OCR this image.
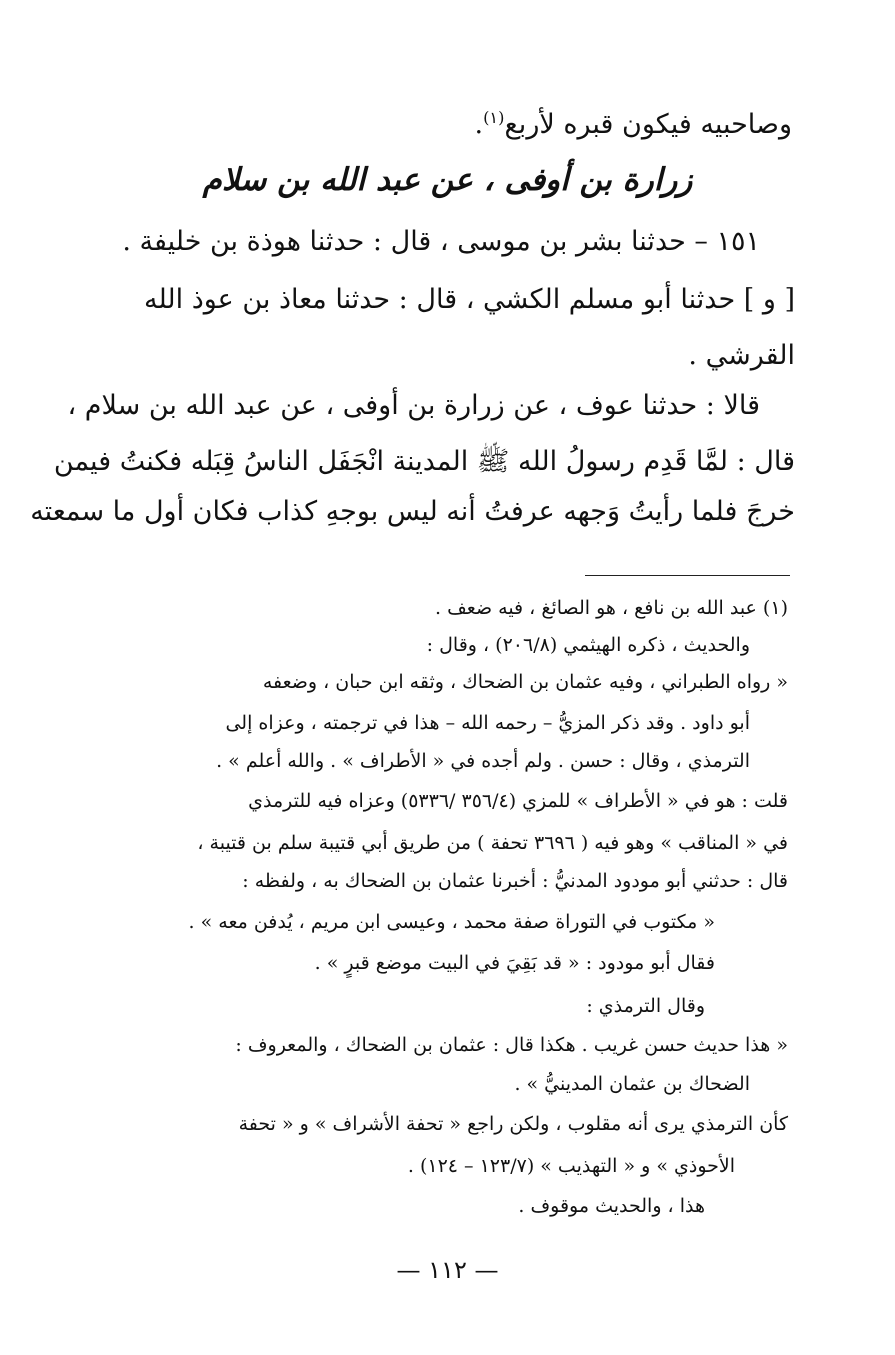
وصاحبيه فيكون قبره لأربع$^{(١)}$.
زرارة بن أوفى ، عن عبد الله بن سلام
١٥١ – حدثنا بشر بن موسى ، قال : حدثنا هوذة بن خليفة .
[ و ] حدثنا أبو مسلم الكشي ، قال : حدثنا معاذ بن عوذ الله
القرشي .
قالا : حدثنا عوف ، عن زرارة بن أوفى ، عن عبد الله بن سلام ،
قال : لمَّا قَدِم رسولُ الله ﷺ المدينة انْجَفَل الناسُ قِبَله فكنتُ فيمن
خرجَ فلما رأيتُ وَجهه عرفتُ أنه ليس بوجهِ كذاب فكان أول ما سمعته
(١) عبد الله بن نافع ، هو الصائغ ، فيه ضعف .
والحديث ، ذكره الهيثمي (٢٠٦/٨) ، وقال :
« رواه الطبراني ، وفيه عثمان بن الضحاك ، وثقه ابن حبان ، وضعفه
أبو داود . وقد ذكر المزيُّ – رحمه الله – هذا في ترجمته ، وعزاه إلى
الترمذي ، وقال : حسن . ولم أجده في « الأطراف » . والله أعلم » .
قلت : هو في « الأطراف » للمزي (٣٥٦/٤ /٥٣٣٦) وعزاه فيه للترمذي
في « المناقب » وهو فيه ( ٣٦٩٦ تحفة ) من طريق أبي قتيبة سلم بن قتيبة ،
قال : حدثني أبو مودود المدنيُّ : أخبرنا عثمان بن الضحاك به ، ولفظه :
« مكتوب في التوراة صفة محمد ، وعيسى ابن مريم ، يُدفن معه » .
فقال أبو مودود : « قد بَقِيَ في البيت موضع قبرٍ » .
وقال الترمذي :
« هذا حديث حسن غريب . هكذا قال : عثمان بن الضحاك ، والمعروف :
الضحاك بن عثمان المدينيُّ » .
كأن الترمذي يرى أنه مقلوب ، ولكن راجع « تحفة الأشراف » و « تحفة
الأحوذي » و « التهذيب » (١٢٣/٧ – ١٢٤) .
هذا ، والحديث موقوف .
— ١١٢ —
